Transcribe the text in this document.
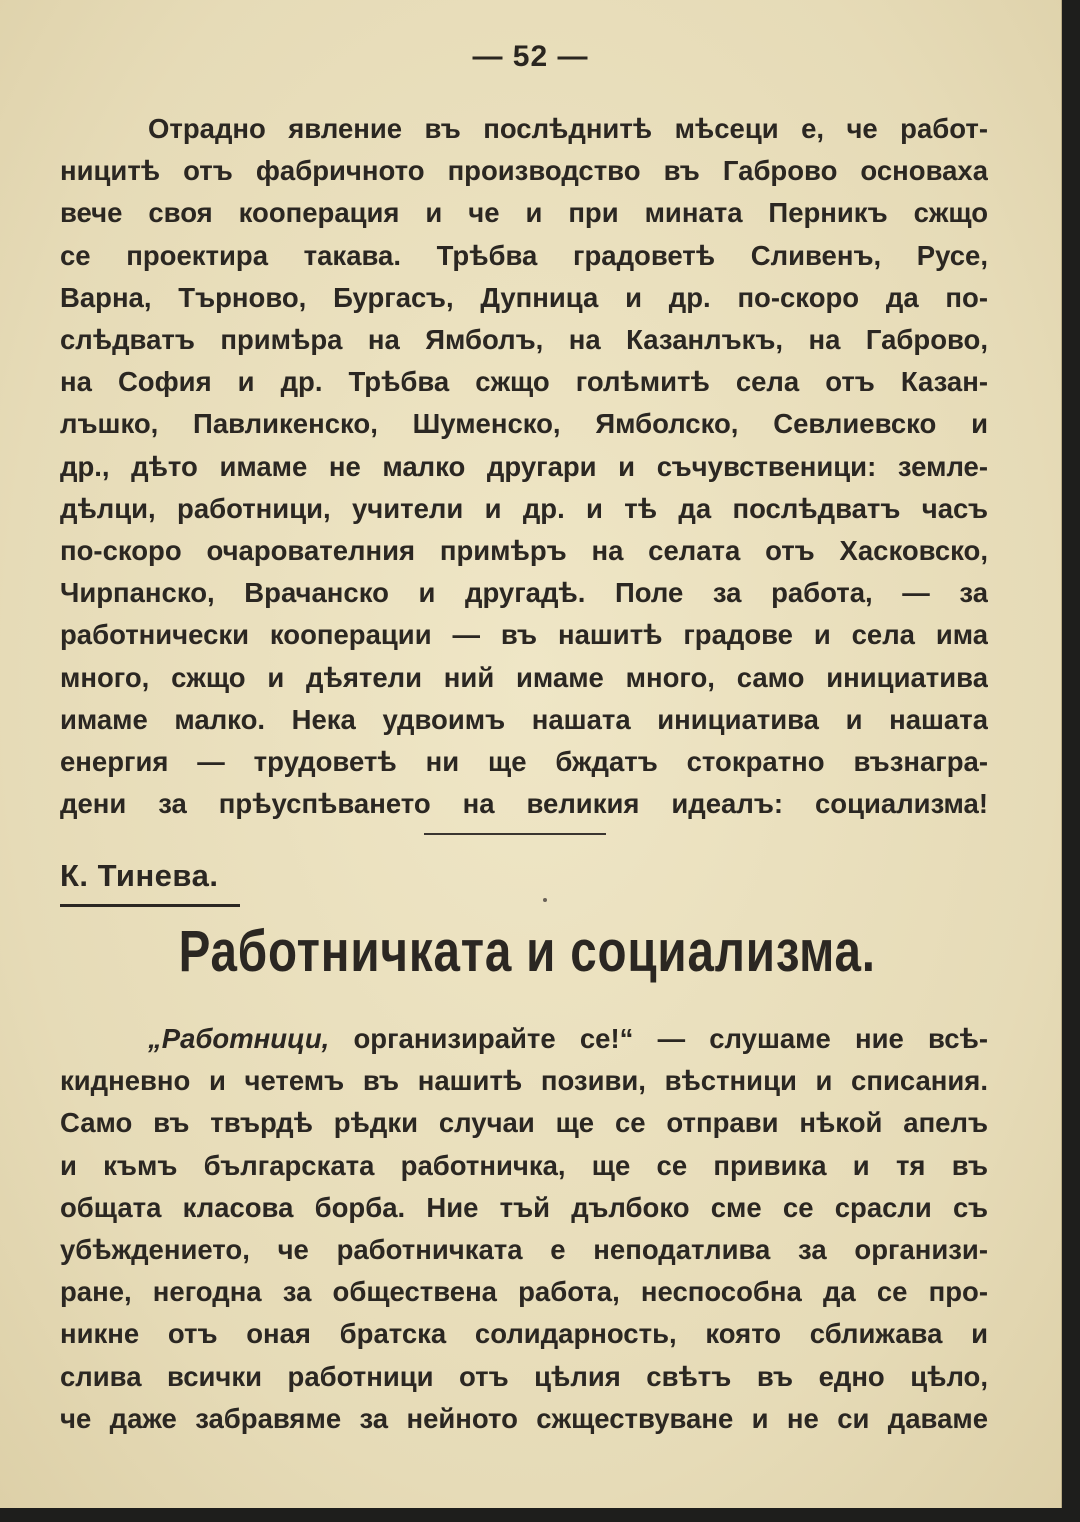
— 52 —
Отрадно явление въ послѣднитѣ мѣсеци е, че работ-
ницитѣ отъ фабричното производство въ Габрово основаха
вече своя кооперация и че и при мината Перникъ сжщо
се проектира такава. Трѣбва градоветѣ Сливенъ, Русе,
Варна, Търново, Бургасъ, Дупница и др. по-скоро да по-
слѣдватъ примѣра на Ямболъ, на Казанлъкъ, на Габрово,
на София и др. Трѣбва сжщо голѣмитѣ села отъ Казан-
лъшко, Павликенско, Шуменско, Ямболско, Севлиевско и
др., дѣто имаме не малко другари и съчувственици: земле-
дѣлци, работници, учители и др. и тѣ да послѣдватъ часъ
по-скоро очарователния примѣръ на селата отъ Хасковско,
Чирпанско, Врачанско и другадѣ. Поле за работа, — за
работнически кооперации — въ нашитѣ градове и села има
много, сжщо и дѣятели ний имаме много, само инициатива
имаме малко. Нека удвоимъ нашата инициатива и нашата
енергия — трудоветѣ ни ще бждатъ стократно възнагра-
дени за прѣуспѣването на великия идеалъ: социализма!
К. Тинева.
Работничката и социализма.
„Работници, организирайте се!“ — слушаме ние всѣ-
кидневно и четемъ въ нашитѣ позиви, вѣстници и списания.
Само въ твърдѣ рѣдки случаи ще се отправи нѣкой апелъ
и къмъ българската работничка, ще се привика и тя въ
общата класова борба. Ние тъй дълбоко сме се срасли съ
убѣждението, че работничката е неподатлива за организи-
ране, негодна за обществена работа, неспособна да се про-
никне отъ оная братска солидарность, която сближава и
слива всички работници отъ цѣлия свѣтъ въ едно цѣло,
че даже забравяме за нейното сжществуване и не си даваме
